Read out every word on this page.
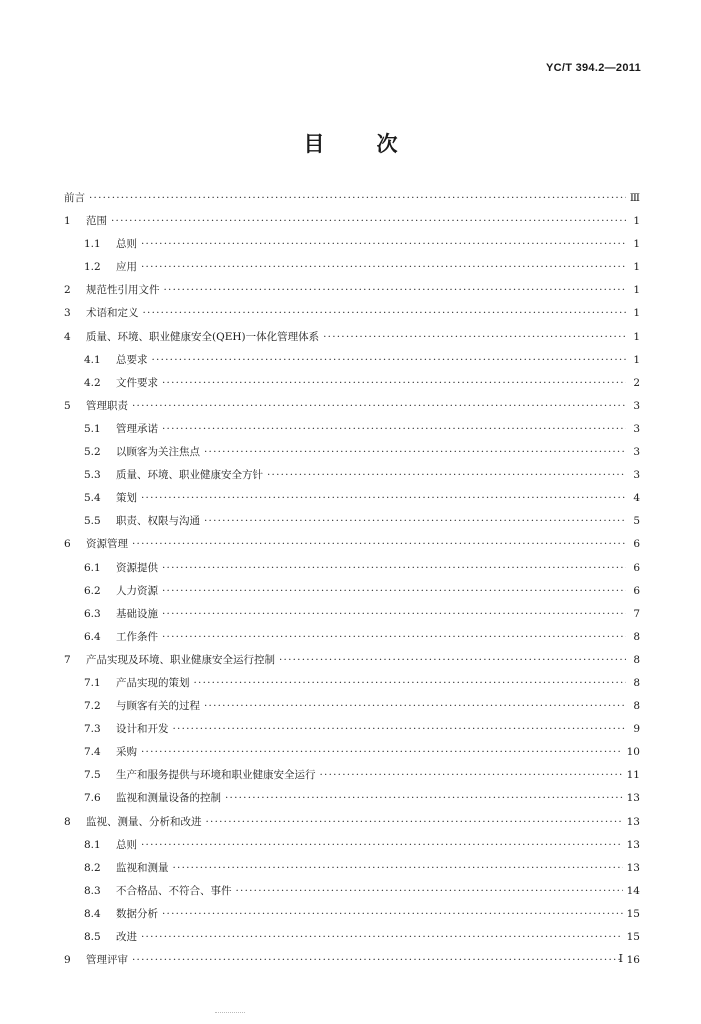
YC/T 394.2—2011
目 次
前言 ·····	Ⅲ
1	范围 ·····	1
1.1	总则 ·····	1
1.2	应用 ·····	1
2	规范性引用文件 ·····	1
3	术语和定义 ·····	1
4	质量、环境、职业健康安全(QEH)一体化管理体系 ·····	1
4.1	总要求 ·····	1
4.2	文件要求 ·····	2
5	管理职责 ·····	3
5.1	管理承诺 ·····	3
5.2	以顾客为关注焦点 ·····	3
5.3	质量、环境、职业健康安全方针 ·····	3
5.4	策划 ·····	4
5.5	职责、权限与沟通 ·····	5
6	资源管理 ·····	6
6.1	资源提供 ·····	6
6.2	人力资源 ·····	6
6.3	基础设施 ·····	7
6.4	工作条件 ·····	8
7	产品实现及环境、职业健康安全运行控制 ·····	8
7.1	产品实现的策划 ·····	8
7.2	与顾客有关的过程 ·····	8
7.3	设计和开发 ·····	9
7.4	采购 ·····	10
7.5	生产和服务提供与环境和职业健康安全运行 ·····	11
7.6	监视和测量设备的控制 ·····	13
8	监视、测量、分析和改进 ·····	13
8.1	总则 ·····	13
8.2	监视和测量 ·····	13
8.3	不合格品、不符合、事件 ·····	14
8.4	数据分析 ·····	15
8.5	改进 ·····	15
9	管理评审 ·····	16
I
